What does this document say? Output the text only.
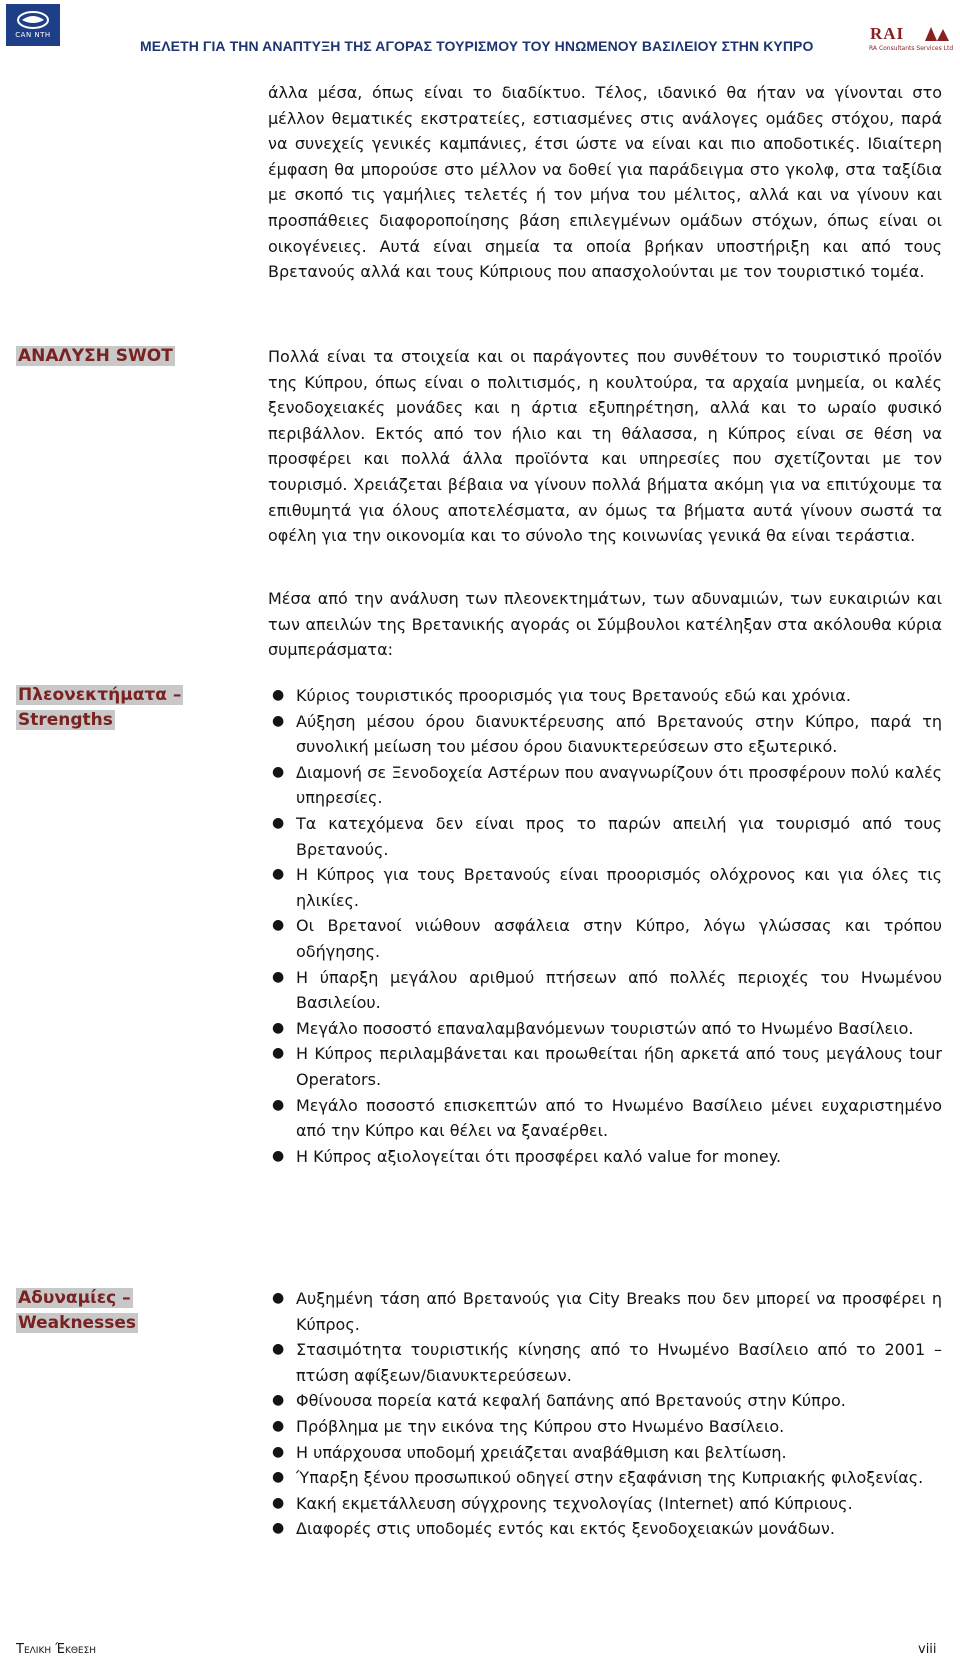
CAN NTH
ΜΕΛΕΤΗ ΓΙΑ ΤΗΝ ΑΝΑΠΤΥΞΗ ΤΗΣ ΑΓΟΡΑΣ ΤΟΥΡΙΣΜΟΥ ΤΟΥ ΗΝΩΜΕΝΟΥ ΒΑΣΙΛΕΙΟΥ ΣΤΗΝ ΚΥΠΡΟ
RAI
RA Consultants Services Ltd

άλλα μέσα, όπως είναι το διαδίκτυο. Τέλος, ιδανικό θα ήταν να γίνονται στο μέλλον θεματικές εκστρατείες, εστιασμένες στις ανάλογες ομάδες στόχου, παρά να συνεχείς γενικές καμπάνιες, έτσι ώστε να είναι και πιο αποδοτικές. Ιδιαίτερη έμφαση θα μπορούσε στο μέλλον να δοθεί για παράδειγμα στο γκολφ, στα ταξίδια με σκοπό τις γαμήλιες τελετές ή τον μήνα του μέλιτος, αλλά και να γίνουν και προσπάθειες διαφοροποίησης βάση επιλεγμένων ομάδων στόχων, όπως είναι οι οικογένειες. Αυτά είναι σημεία τα οποία βρήκαν υποστήριξη και από τους Βρετανούς αλλά και τους Κύπριους που απασχολούνται με τον τουριστικό τομέα.

ΑΝΑΛΥΣΗ SWOT	Πολλά είναι τα στοιχεία και οι παράγοντες που συνθέτουν το τουριστικό προϊόν της Κύπρου, όπως είναι ο πολιτισμός, η κουλτούρα, τα αρχαία μνημεία, οι καλές ξενοδοχειακές μονάδες και η άρτια εξυπηρέτηση, αλλά και το ωραίο φυσικό περιβάλλον. Εκτός από τον ήλιο και τη θάλασσα, η Κύπρος είναι σε θέση να προσφέρει και πολλά άλλα προϊόντα και υπηρεσίες που σχετίζονται με τον τουρισμό. Χρειάζεται βέβαια να γίνουν πολλά βήματα ακόμη για να επιτύχουμε τα επιθυμητά για όλους αποτελέσματα, αν όμως τα βήματα αυτά γίνουν σωστά τα οφέλη για την οικονομία και το σύνολο της κοινωνίας γενικά θα είναι τεράστια.

Μέσα από την ανάλυση των πλεονεκτημάτων, των αδυναμιών, των ευκαιριών και των απειλών της Βρετανικής αγοράς οι Σύμβουλοι κατέληξαν στα ακόλουθα κύρια συμπεράσματα:

Πλεονεκτήματα –
Strengths
● Κύριος τουριστικός προορισμός για τους Βρετανούς εδώ και χρόνια.
● Αύξηση μέσου όρου διανυκτέρευσης από Βρετανούς στην Κύπρο, παρά τη συνολική μείωση του μέσου όρου διανυκτερεύσεων στο εξωτερικό.
● Διαμονή σε Ξενοδοχεία Αστέρων που αναγνωρίζουν ότι προσφέρουν πολύ καλές υπηρεσίες.
● Τα κατεχόμενα δεν είναι προς το παρών απειλή για τουρισμό από τους Βρετανούς.
● Η Κύπρος για τους Βρετανούς είναι προορισμός ολόχρονος και για όλες τις ηλικίες.
● Οι Βρετανοί νιώθουν ασφάλεια στην Κύπρο, λόγω γλώσσας και τρόπου οδήγησης.
● Η ύπαρξη μεγάλου αριθμού πτήσεων από πολλές περιοχές του Ηνωμένου Βασιλείου.
● Μεγάλο ποσοστό επαναλαμβανόμενων τουριστών από το Ηνωμένο Βασίλειο.
● Η Κύπρος περιλαμβάνεται και προωθείται ήδη αρκετά από τους μεγάλους tour Operators.
● Μεγάλο ποσοστό επισκεπτών από το Ηνωμένο Βασίλειο μένει ευχαριστημένο από την Κύπρο και θέλει να ξαναέρθει.
● Η Κύπρος αξιολογείται ότι προσφέρει καλό value for money.
Αδυναμίες –
Weaknesses
● Αυξημένη τάση από Βρετανούς για City Breaks που δεν μπορεί να προσφέρει η Κύπρος.
● Στασιμότητα τουριστικής κίνησης από το Ηνωμένο Βασίλειο από το 2001 – πτώση αφίξεων/διανυκτερεύσεων.
● Φθίνουσα πορεία κατά κεφαλή δαπάνης από Βρετανούς στην Κύπρο.
● Πρόβλημα με την εικόνα της Κύπρου στο Ηνωμένο Βασίλειο.
● Η υπάρχουσα υποδομή χρειάζεται αναβάθμιση και βελτίωση.
● Ύπαρξη ξένου προσωπικού οδηγεί στην εξαφάνιση της Κυπριακής φιλοξενίας.
● Κακή εκμετάλλευση σύγχρονης τεχνολογίας (Internet) από Κύπριους.
● Διαφορές στις υποδομές εντός και εκτός ξενοδοχειακών μονάδων.
Τελικη Έκθεση	viii
